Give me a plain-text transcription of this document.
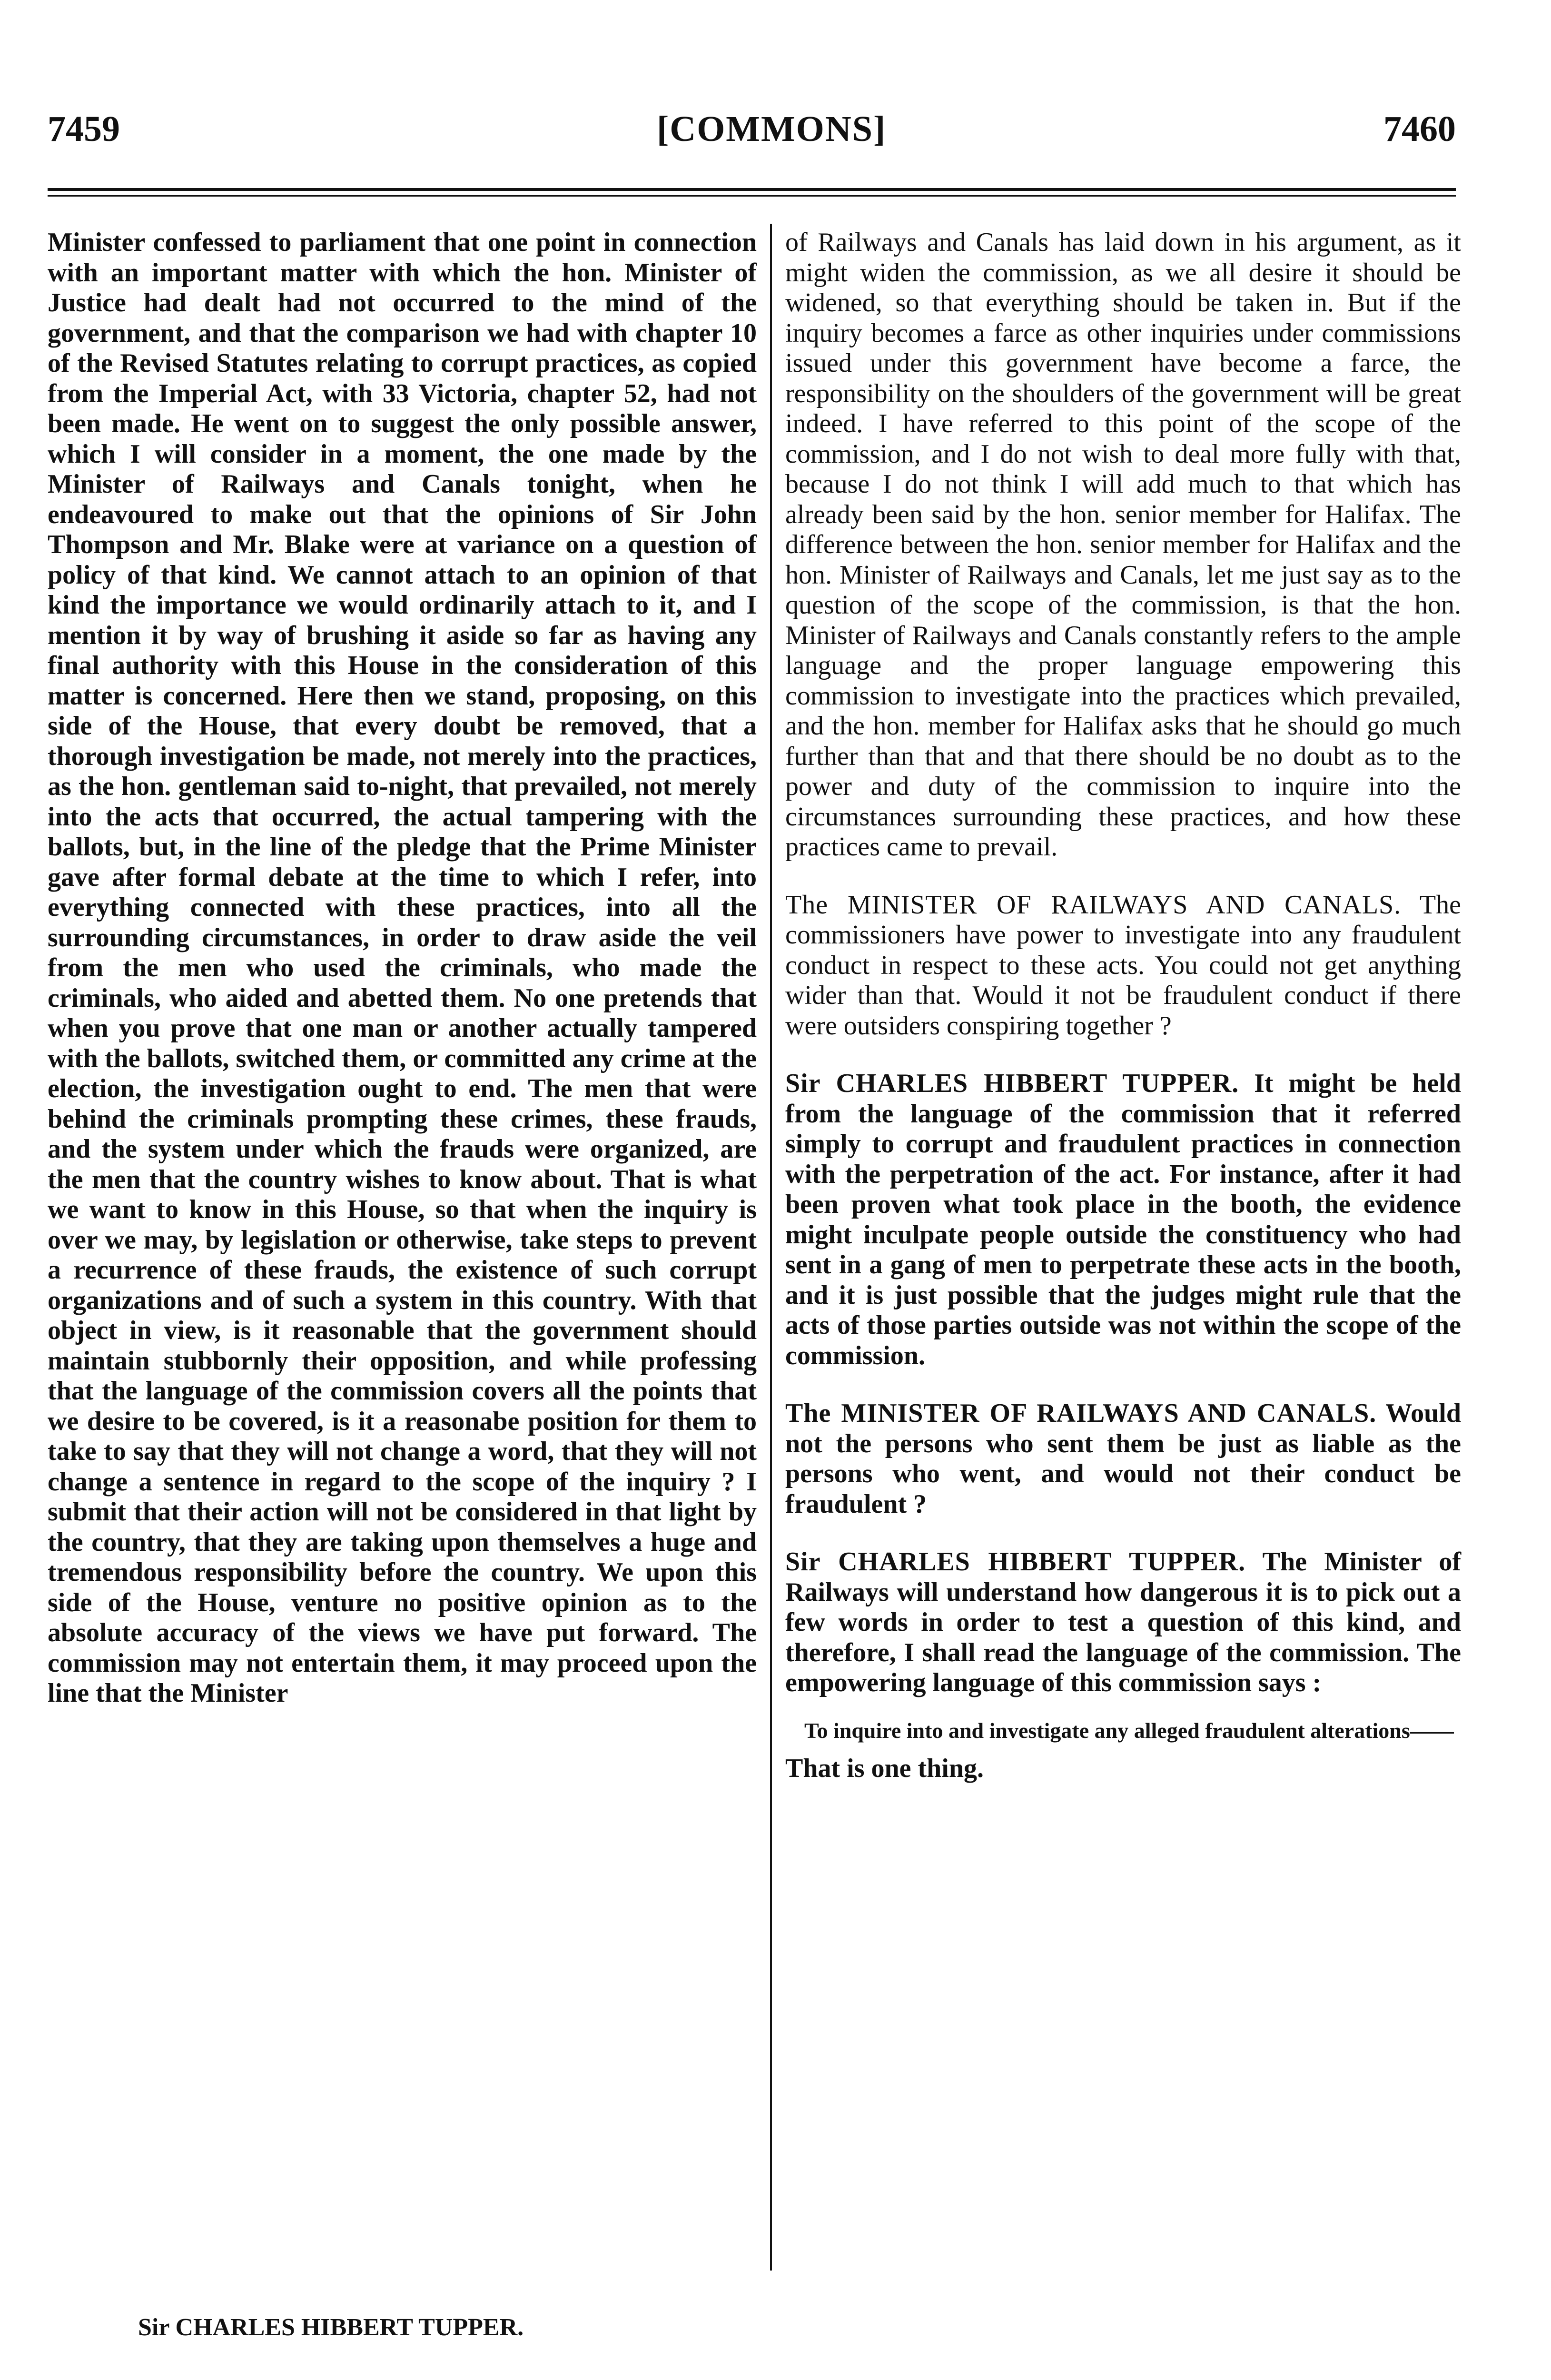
7459	[COMMONS]	7460

Minister confessed to parliament that one point in connection with an important matter with which the hon. Minister of Justice had dealt had not occurred to the mind of the government, and that the comparison we had with chapter 10 of the Revised Statutes relating to corrupt practices, as copied from the Imperial Act, with 33 Victoria, chapter 52, had not been made. He went on to suggest the only possible answer, which I will consider in a moment, the one made by the Minister of Railways and Canals tonight, when he endeavoured to make out that the opinions of Sir John Thompson and Mr. Blake were at variance on a question of policy of that kind. We cannot attach to an opinion of that kind the importance we would ordinarily attach to it, and I mention it by way of brushing it aside so far as having any final authority with this House in the consideration of this matter is concerned. Here then we stand, proposing, on this side of the House, that every doubt be removed, that a thorough investigation be made, not merely into the practices, as the hon. gentleman said to-night, that prevailed, not merely into the acts that occurred, the actual tampering with the ballots, but, in the line of the pledge that the Prime Minister gave after formal debate at the time to which I refer, into everything connected with these practices, into all the surrounding circumstances, in order to draw aside the veil from the men who used the criminals, who made the criminals, who aided and abetted them. No one pretends that when you prove that one man or another actually tampered with the ballots, switched them, or committed any crime at the election, the investigation ought to end. The men that were behind the criminals prompting these crimes, these frauds, and the system under which the frauds were organized, are the men that the country wishes to know about. That is what we want to know in this House, so that when the inquiry is over we may, by legislation or otherwise, take steps to prevent a recurrence of these frauds, the existence of such corrupt organizations and of such a system in this country. With that object in view, is it reasonable that the government should maintain stubbornly their opposition, and while professing that the language of the commission covers all the points that we desire to be covered, is it a reasonabe position for them to take to say that they will not change a word, that they will not change a sentence in regard to the scope of the inquiry ? I submit that their action will not be considered in that light by the country, that they are taking upon themselves a huge and tremendous responsibility before the country. We upon this side of the House, venture no positive opinion as to the absolute accuracy of the views we have put forward. The commission may not entertain them, it may proceed upon the line that the Minister

of Railways and Canals has laid down in his argument, as it might widen the commission, as we all desire it should be widened, so that everything should be taken in. But if the inquiry becomes a farce as other inquiries under commissions issued under this government have become a farce, the responsibility on the shoulders of the government will be great indeed. I have referred to this point of the scope of the commission, and I do not wish to deal more fully with that, because I do not think I will add much to that which has already been said by the hon. senior member for Halifax. The difference between the hon. senior member for Halifax and the hon. Minister of Railways and Canals, let me just say as to the question of the scope of the commission, is that the hon. Minister of Railways and Canals constantly refers to the ample language and the proper language empowering this commission to investigate into the practices which prevailed, and the hon. member for Halifax asks that he should go much further than that and that there should be no doubt as to the power and duty of the commission to inquire into the circumstances surrounding these practices, and how these practices came to prevail.

The MINISTER OF RAILWAYS AND CANALS. The commissioners have power to investigate into any fraudulent conduct in respect to these acts. You could not get anything wider than that. Would it not be fraudulent conduct if there were outsiders conspiring together ?

Sir CHARLES HIBBERT TUPPER. It might be held from the language of the commission that it referred simply to corrupt and fraudulent practices in connection with the perpetration of the act. For instance, after it had been proven what took place in the booth, the evidence might inculpate people outside the constituency who had sent in a gang of men to perpetrate these acts in the booth, and it is just possible that the judges might rule that the acts of those parties outside was not within the scope of the commission.

The MINISTER OF RAILWAYS AND CANALS. Would not the persons who sent them be just as liable as the persons who went, and would not their conduct be fraudulent ?

Sir CHARLES HIBBERT TUPPER. The Minister of Railways will understand how dangerous it is to pick out a few words in order to test a question of this kind, and therefore, I shall read the language of the commission. The empowering language of this commission says :

To inquire into and investigate any alleged fraudulent alterations——

That is one thing.

Sir CHARLES HIBBERT TUPPER.
